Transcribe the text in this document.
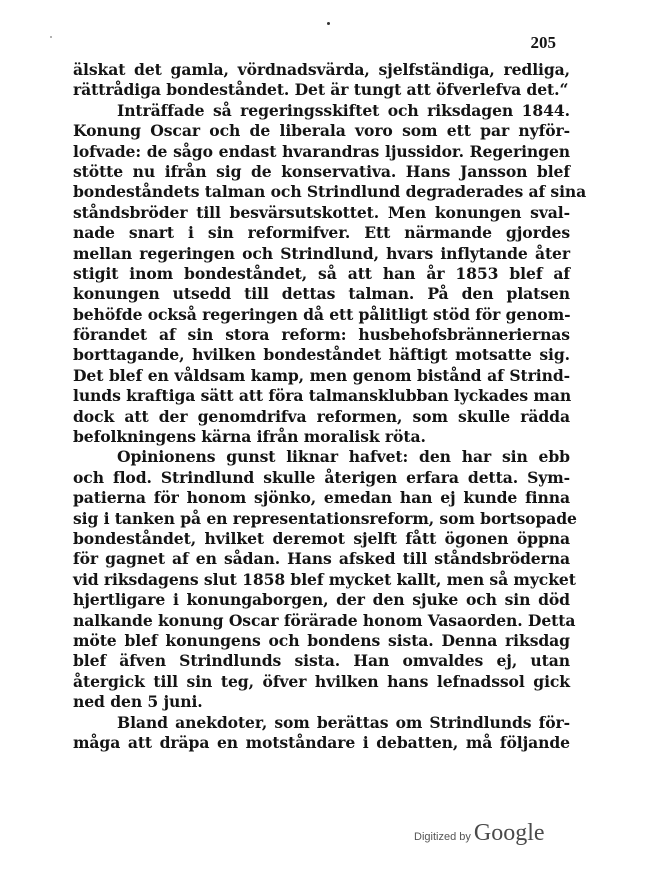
205
älskat det gamla, vördnadsvärda, sjelfständiga, redliga,
rättrådiga bondeståndet. Det är tungt att öfverlefva det.“
Inträffade så regeringsskiftet och riksdagen 1844.
Konung Oscar och de liberala voro som ett par nyför-
lofvade: de sågo endast hvarandras ljussidor. Regeringen
stötte nu ifrån sig de konservativa. Hans Jansson blef
bondeståndets talman och Strindlund degraderades af sina
ståndsbröder till besvärsutskottet. Men konungen sval-
nade snart i sin reformifver. Ett närmande gjordes
mellan regeringen och Strindlund, hvars inflytande åter
stigit inom bondeståndet, så att han år 1853 blef af
konungen utsedd till dettas talman. På den platsen
behöfde också regeringen då ett pålitligt stöd för genom-
förandet af sin stora reform: husbehofsbränneriernas
borttagande, hvilken bondeståndet häftigt motsatte sig.
Det blef en våldsam kamp, men genom bistånd af Strind-
lunds kraftiga sätt att föra talmansklubban lyckades man
dock att der genomdrifva reformen, som skulle rädda
befolkningens kärna ifrån moralisk röta.
Opinionens gunst liknar hafvet: den har sin ebb
och flod. Strindlund skulle återigen erfara detta. Sym-
patierna för honom sjönko, emedan han ej kunde finna
sig i tanken på en representationsreform, som bortsopade
bondeståndet, hvilket deremot sjelft fått ögonen öppna
för gagnet af en sådan. Hans afsked till ståndsbröderna
vid riksdagens slut 1858 blef mycket kallt, men så mycket
hjertligare i konungaborgen, der den sjuke och sin död
nalkande konung Oscar förärade honom Vasaorden. Detta
möte blef konungens och bondens sista. Denna riksdag
blef äfven Strindlunds sista. Han omvaldes ej, utan
återgick till sin teg, öfver hvilken hans lefnadssol gick
ned den 5 juni.
Bland anekdoter, som berättas om Strindlunds för-
måga att dräpa en motståndare i debatten, må följande
Digitized by Google
